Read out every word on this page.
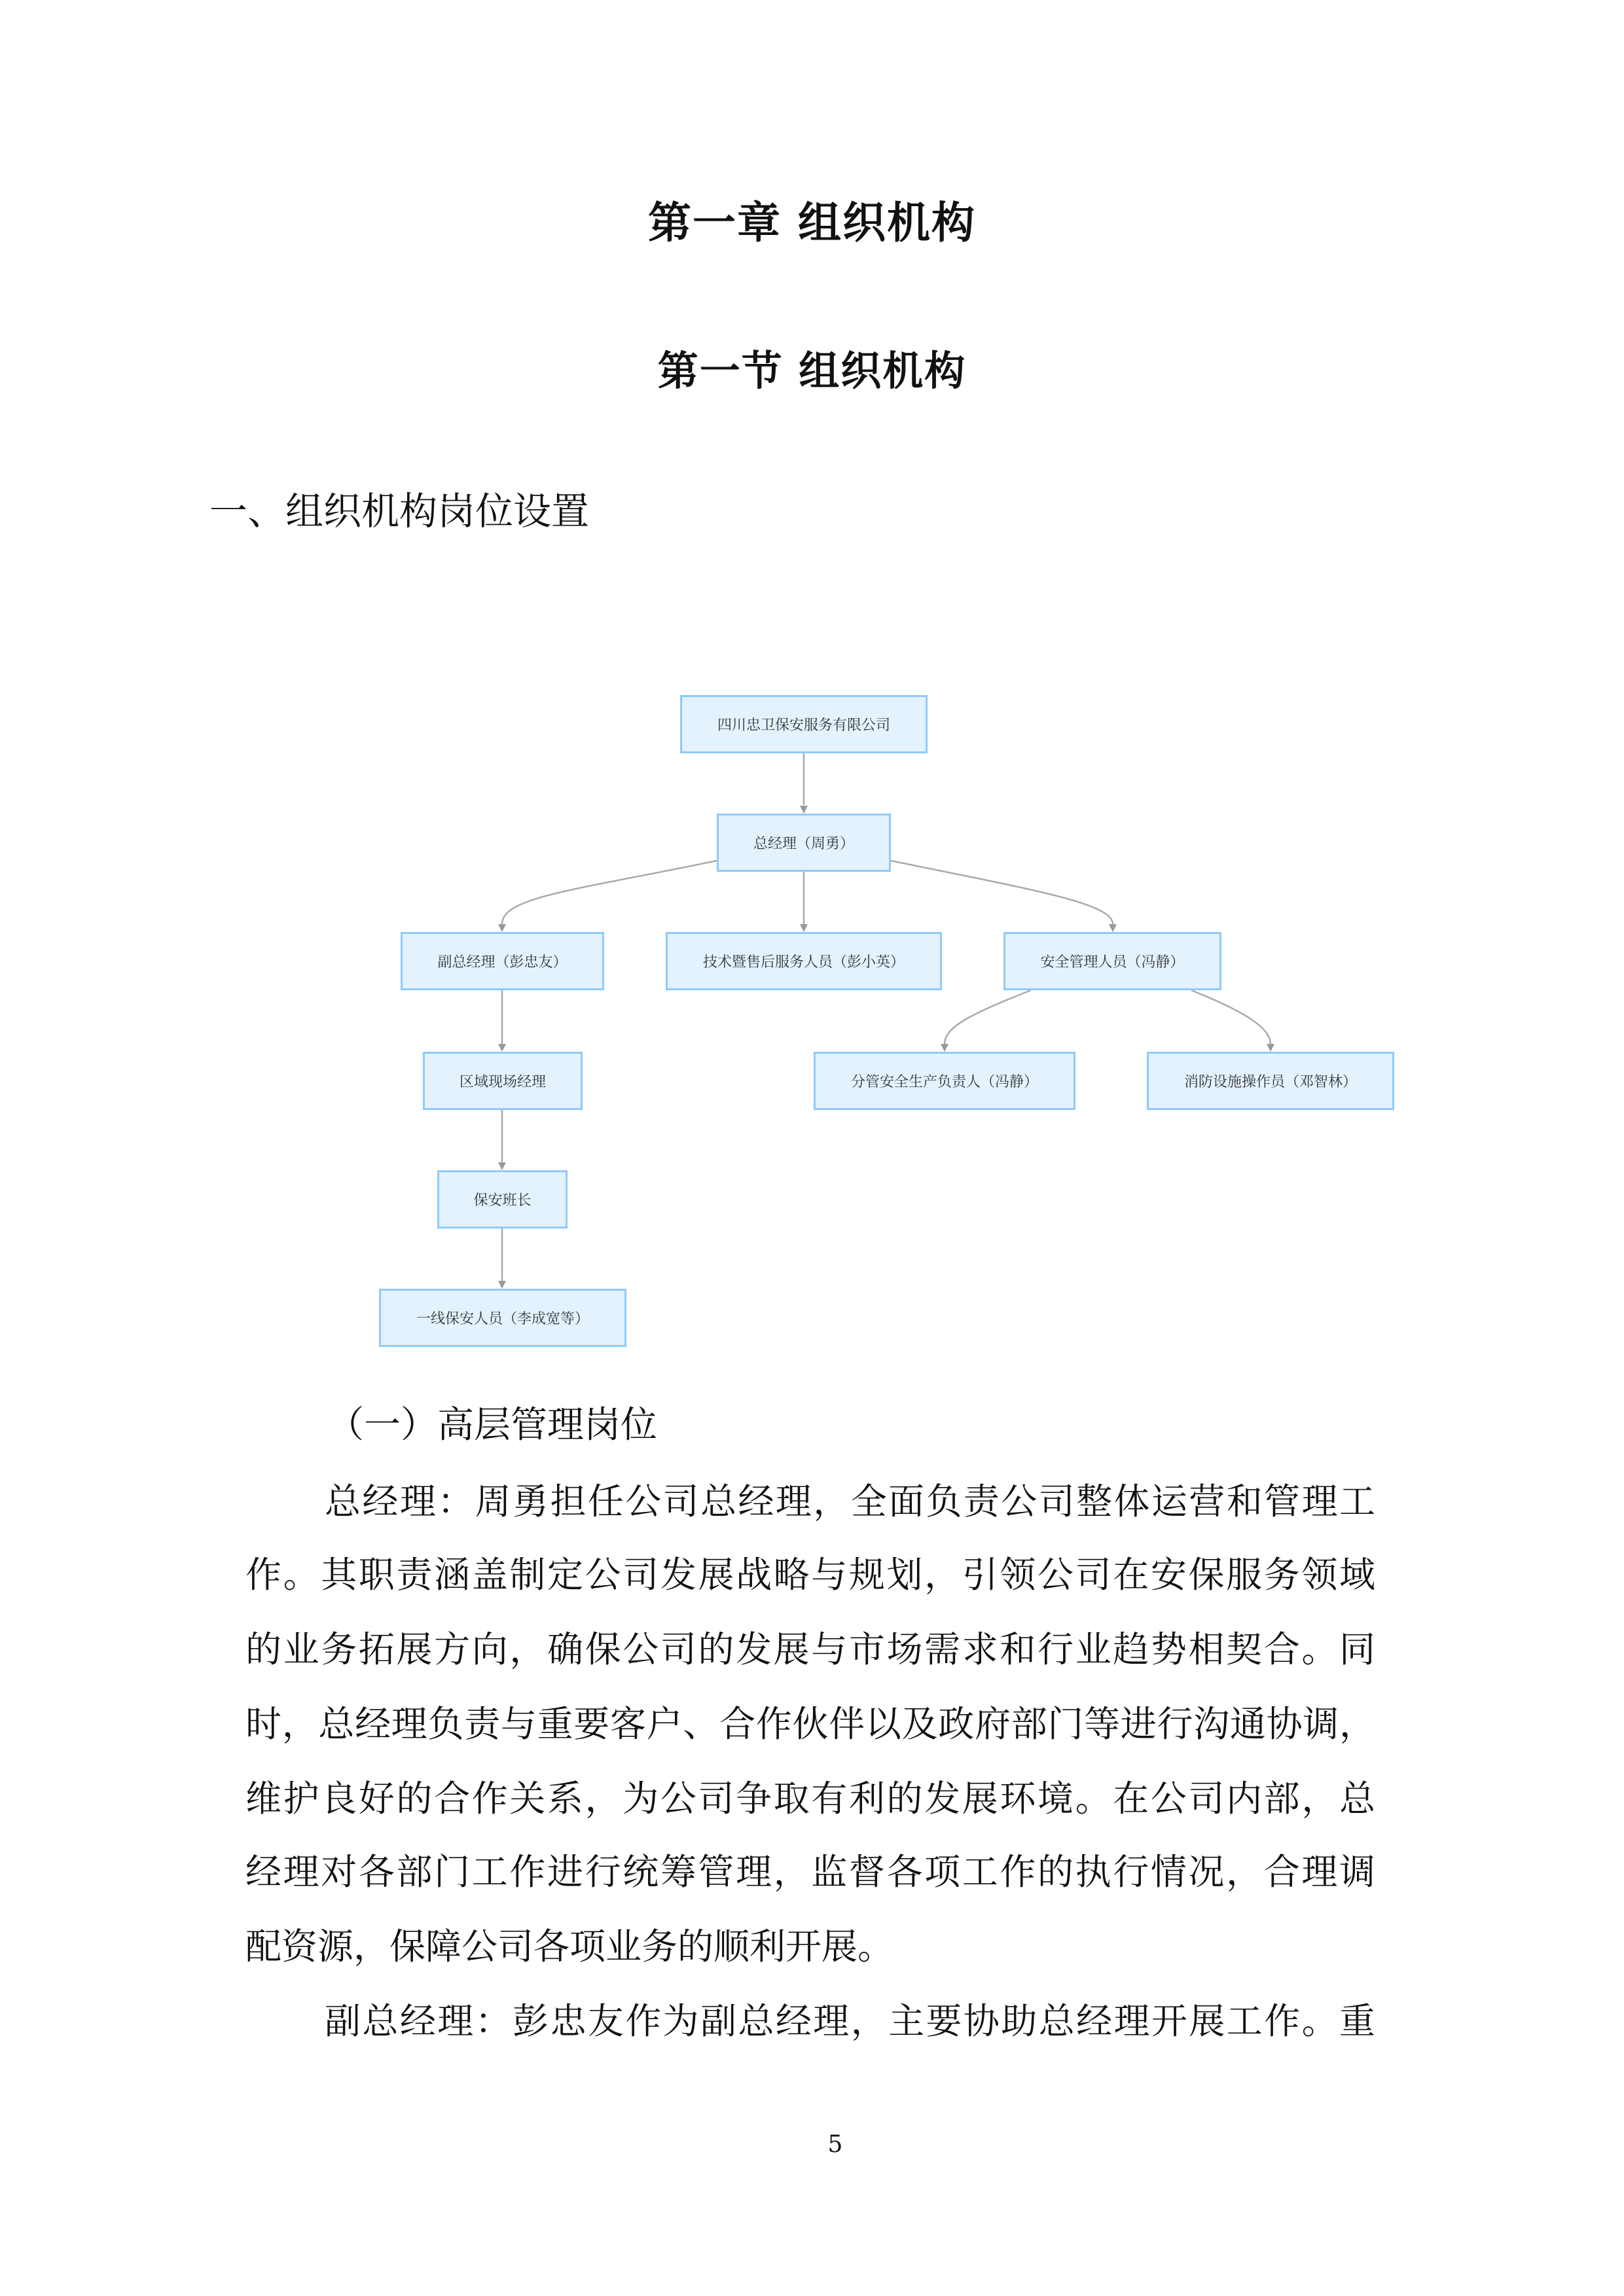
第一章 组织机构
第一节 组织机构
一、组织机构岗位设置
四川忠卫保安服务有限公司
总经理（周勇）
副总经理（彭忠友）	技术暨售后服务人员（彭小英）	安全管理人员（冯静）
区域现场经理	分管安全生产负责人（冯静）	消防设施操作员（邓智林）
保安班长
一线保安人员（李成宽等）
（一）高层管理岗位
总经理：周勇担任公司总经理，全面负责公司整体运营和管理工
作。其职责涵盖制定公司发展战略与规划，引领公司在安保服务领域
的业务拓展方向，确保公司的发展与市场需求和行业趋势相契合。同
时，总经理负责与重要客户、合作伙伴以及政府部门等进行沟通协调，
维护良好的合作关系，为公司争取有利的发展环境。在公司内部，总
经理对各部门工作进行统筹管理，监督各项工作的执行情况，合理调
配资源，保障公司各项业务的顺利开展。
副总经理：彭忠友作为副总经理，主要协助总经理开展工作。重
5
